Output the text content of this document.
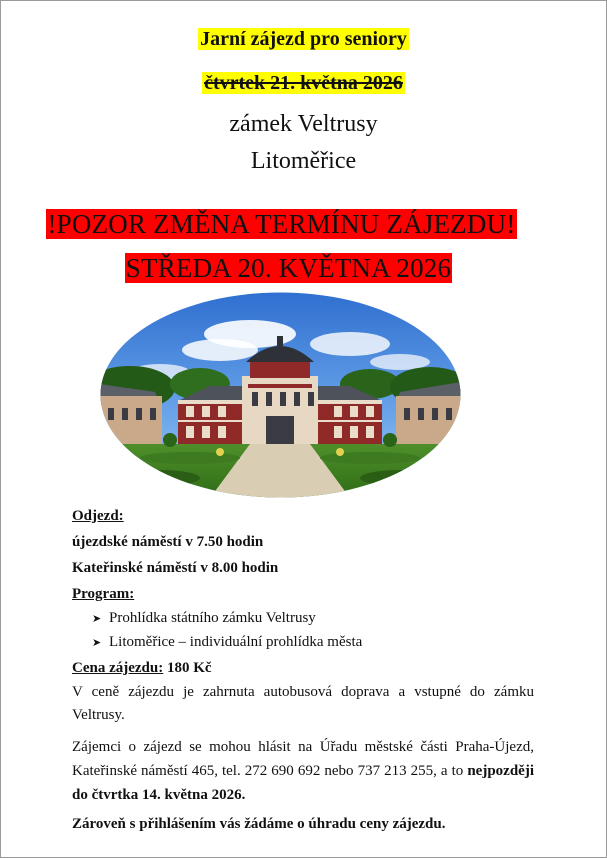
Jarní zájezd pro seniory
čtvrtek 21. května 2026
zámek Veltrusy
Litoměřice
!POZOR ZMĚNA TERMÍNU ZÁJEZDU!
STŘEDA 20. KVĚTNA 2026
Odjezd:
újezdské náměstí v 7.50 hodin
Kateřinské náměstí v 8.00 hodin
Program:
➤ Prohlídka státního zámku Veltrusy
➤ Litoměřice – individuální prohlídka města
Cena zájezdu: 180 Kč
V ceně zájezdu je zahrnuta autobusová doprava a vstupné do zámku Veltrusy.
Zájemci o zájezd se mohou hlásit na Úřadu městské části Praha-Újezd, Kateřinské náměstí 465, tel. 272 690 692 nebo 737 213 255, a to nejpozději do čtvrtka 14. května 2026.
Zároveň s přihlášením vás žádáme o úhradu ceny zájezdu.
